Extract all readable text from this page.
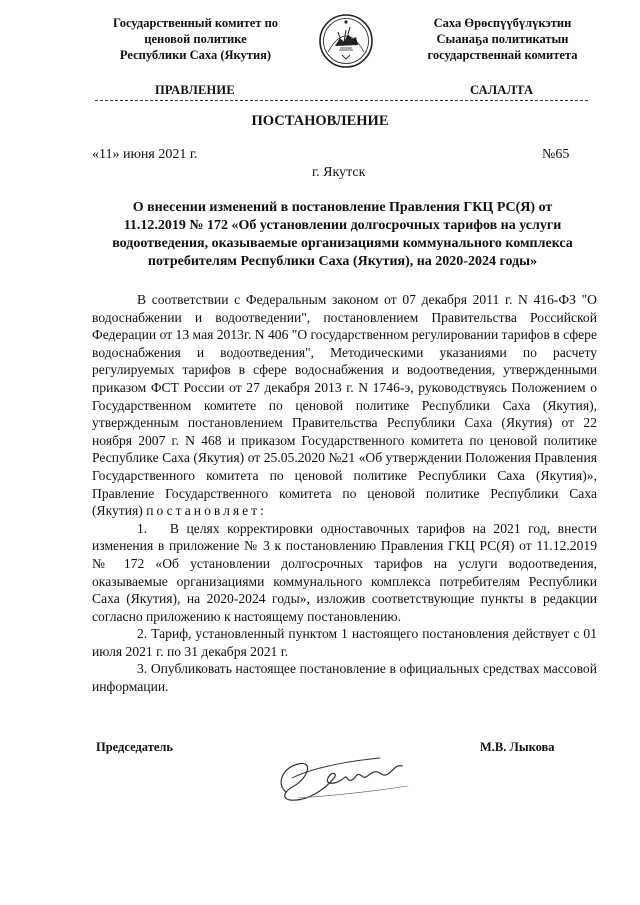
Государственный комитет по
ценовой политике
Республики Саха (Якутия)
Саха Өрөспүүбүлүкэтин
Сыанаҕа политикатын
государственнай комитета
ПРАВЛЕНИЕ	САЛАЛТА
ПОСТАНОВЛЕНИЕ
«11» июня 2021 г.	№65
г. Якутск
О внесении изменений в постановление Правления ГКЦ РС(Я) от 11.12.2019 № 172 «Об установлении долгосрочных тарифов на услуги водоотведения, оказываемые организациями коммунального комплекса потребителям Республики Саха (Якутия), на 2020-2024 годы»

В соответствии с Федеральным законом от 07 декабря 2011 г. N 416-ФЗ "О водоснабжении и водоотведении", постановлением Правительства Российской Федерации от 13 мая 2013г. N 406 "О государственном регулировании тарифов в сфере водоснабжения и водоотведения", Методическими указаниями по расчету регулируемых тарифов в сфере водоснабжения и водоотведения, утвержденными приказом ФСТ России от 27 декабря 2013 г. N 1746-э, руководствуясь Положением о Государственном комитете по ценовой политике Республики Саха (Якутия), утвержденным постановлением Правительства Республики Саха (Якутия) от 22 ноября 2007 г. N 468 и приказом Государственного комитета по ценовой политике Республике Саха (Якутия) от 25.05.2020 №21 «Об утверждении Положения Правления Государственного комитета по ценовой политике Республики Саха (Якутия)», Правление Государственного комитета по ценовой политике Республики Саха (Якутия) постановляет:

1.   В целях корректировки одноставочных тарифов на 2021 год, внести изменения в приложение № 3 к постановлению Правления ГКЦ РС(Я) от 11.12.2019 № 172 «Об установлении долгосрочных тарифов на услуги водоотведения, оказываемые организациями коммунального комплекса потребителям Республики Саха (Якутия), на 2020-2024 годы», изложив соответствующие пункты в редакции согласно приложению к настоящему постановлению.

2. Тариф, установленный пунктом 1 настоящего постановления действует с 01 июля 2021 г. по 31 декабря 2021 г.

3. Опубликовать настоящее постановление в официальных средствах массовой информации.

Председатель	М.В. Лыкова
